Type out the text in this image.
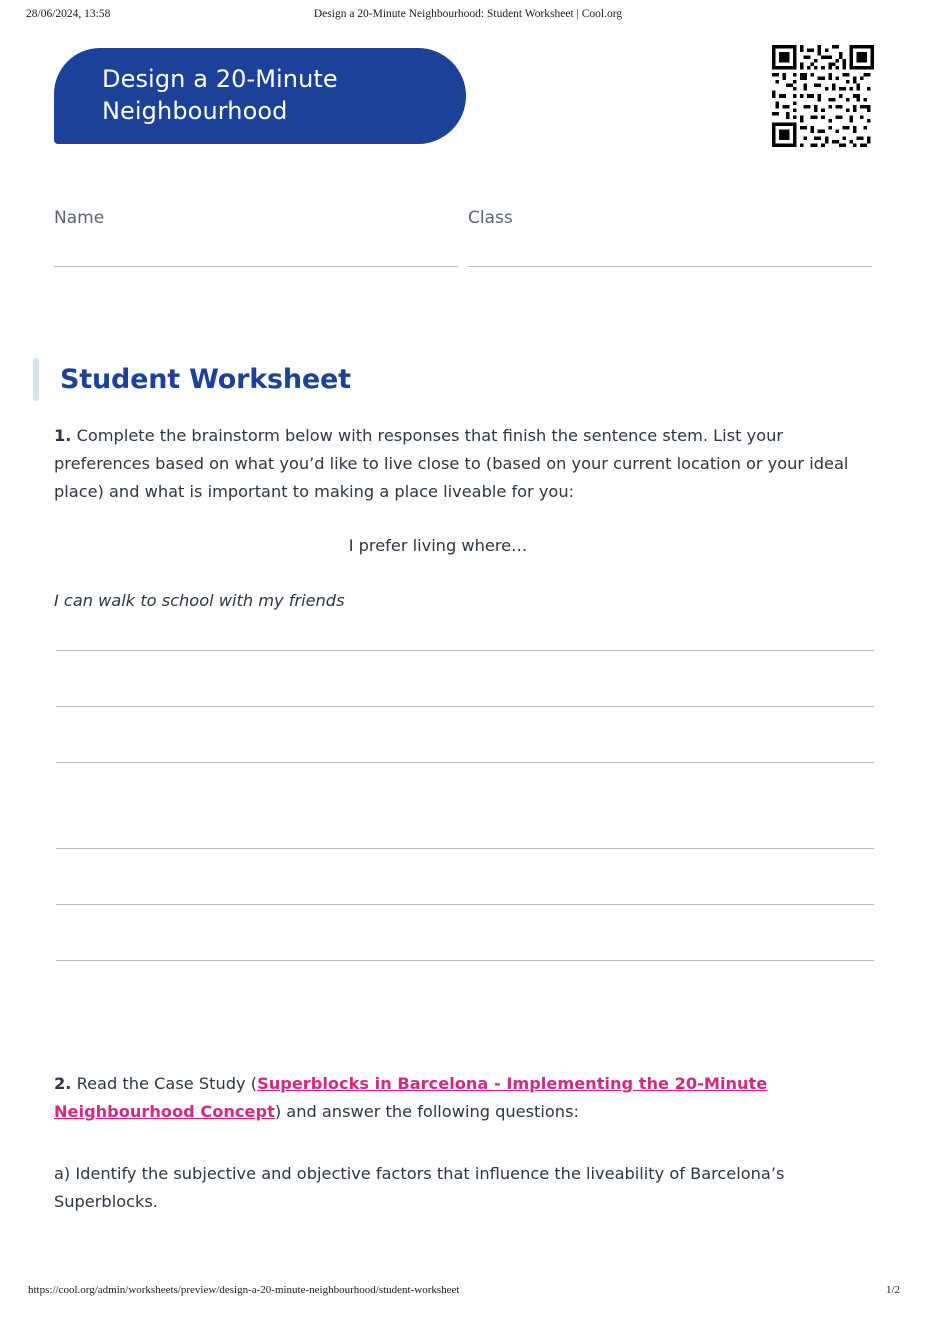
28/06/2024, 13:58	Design a 20-Minute Neighbourhood: Student Worksheet | Cool.org
Design a 20-Minute Neighbourhood
Name	Class
Student Worksheet

1. Complete the brainstorm below with responses that finish the sentence stem. List your preferences based on what you’d like to live close to (based on your current location or your ideal place) and what is important to making a place liveable for you:

I prefer living where…

I can walk to school with my friends

2. Read the Case Study (Superblocks in Barcelona - Implementing the 20-Minute Neighbourhood Concept) and answer the following questions:

a) Identify the subjective and objective factors that influence the liveability of Barcelona’s Superblocks.

https://cool.org/admin/worksheets/preview/design-a-20-minute-neighbourhood/student-worksheet	1/2
